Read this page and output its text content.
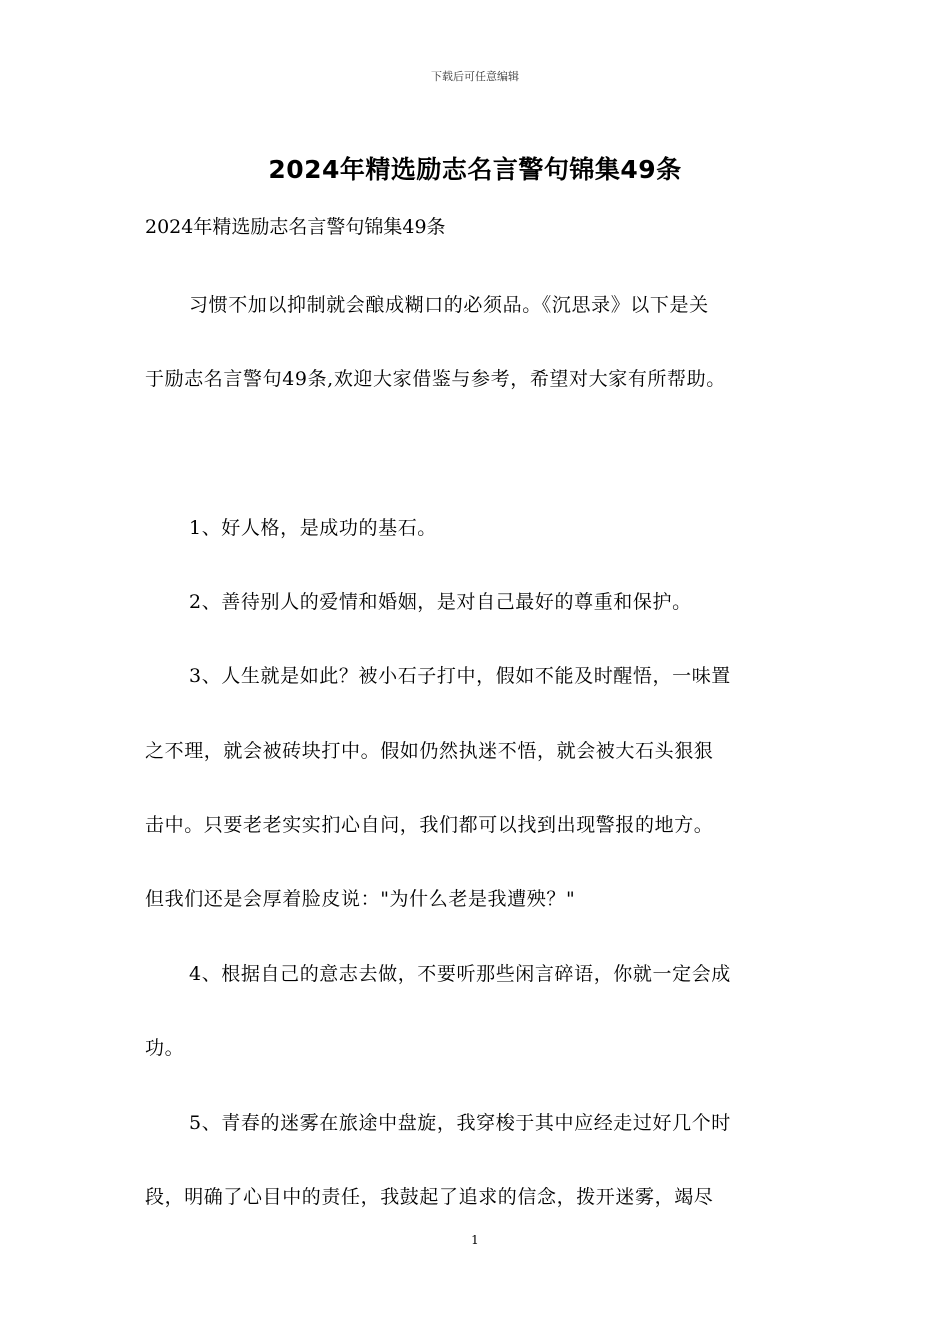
下载后可任意编辑
2024年精选励志名言警句锦集49条
2024年精选励志名言警句锦集49条
习惯不加以抑制就会酿成糊口的必须品。《沉思录》以下是关
于励志名言警句49条,欢迎大家借鉴与参考，希望对大家有所帮助。
1、好人格，是成功的基石。
2、善待别人的爱情和婚姻，是对自己最好的尊重和保护。
3、人生就是如此？被小石子打中，假如不能及时醒悟，一味置
之不理，就会被砖块打中。假如仍然执迷不悟，就会被大石头狠狠
击中。只要老老实实扪心自问，我们都可以找到出现警报的地方。
但我们还是会厚着脸皮说："为什么老是我遭殃？"
4、根据自己的意志去做，不要听那些闲言碎语，你就一定会成
功。
5、青春的迷雾在旅途中盘旋，我穿梭于其中应经走过好几个时
段，明确了心目中的责任，我鼓起了追求的信念，拨开迷雾，竭尽
1
